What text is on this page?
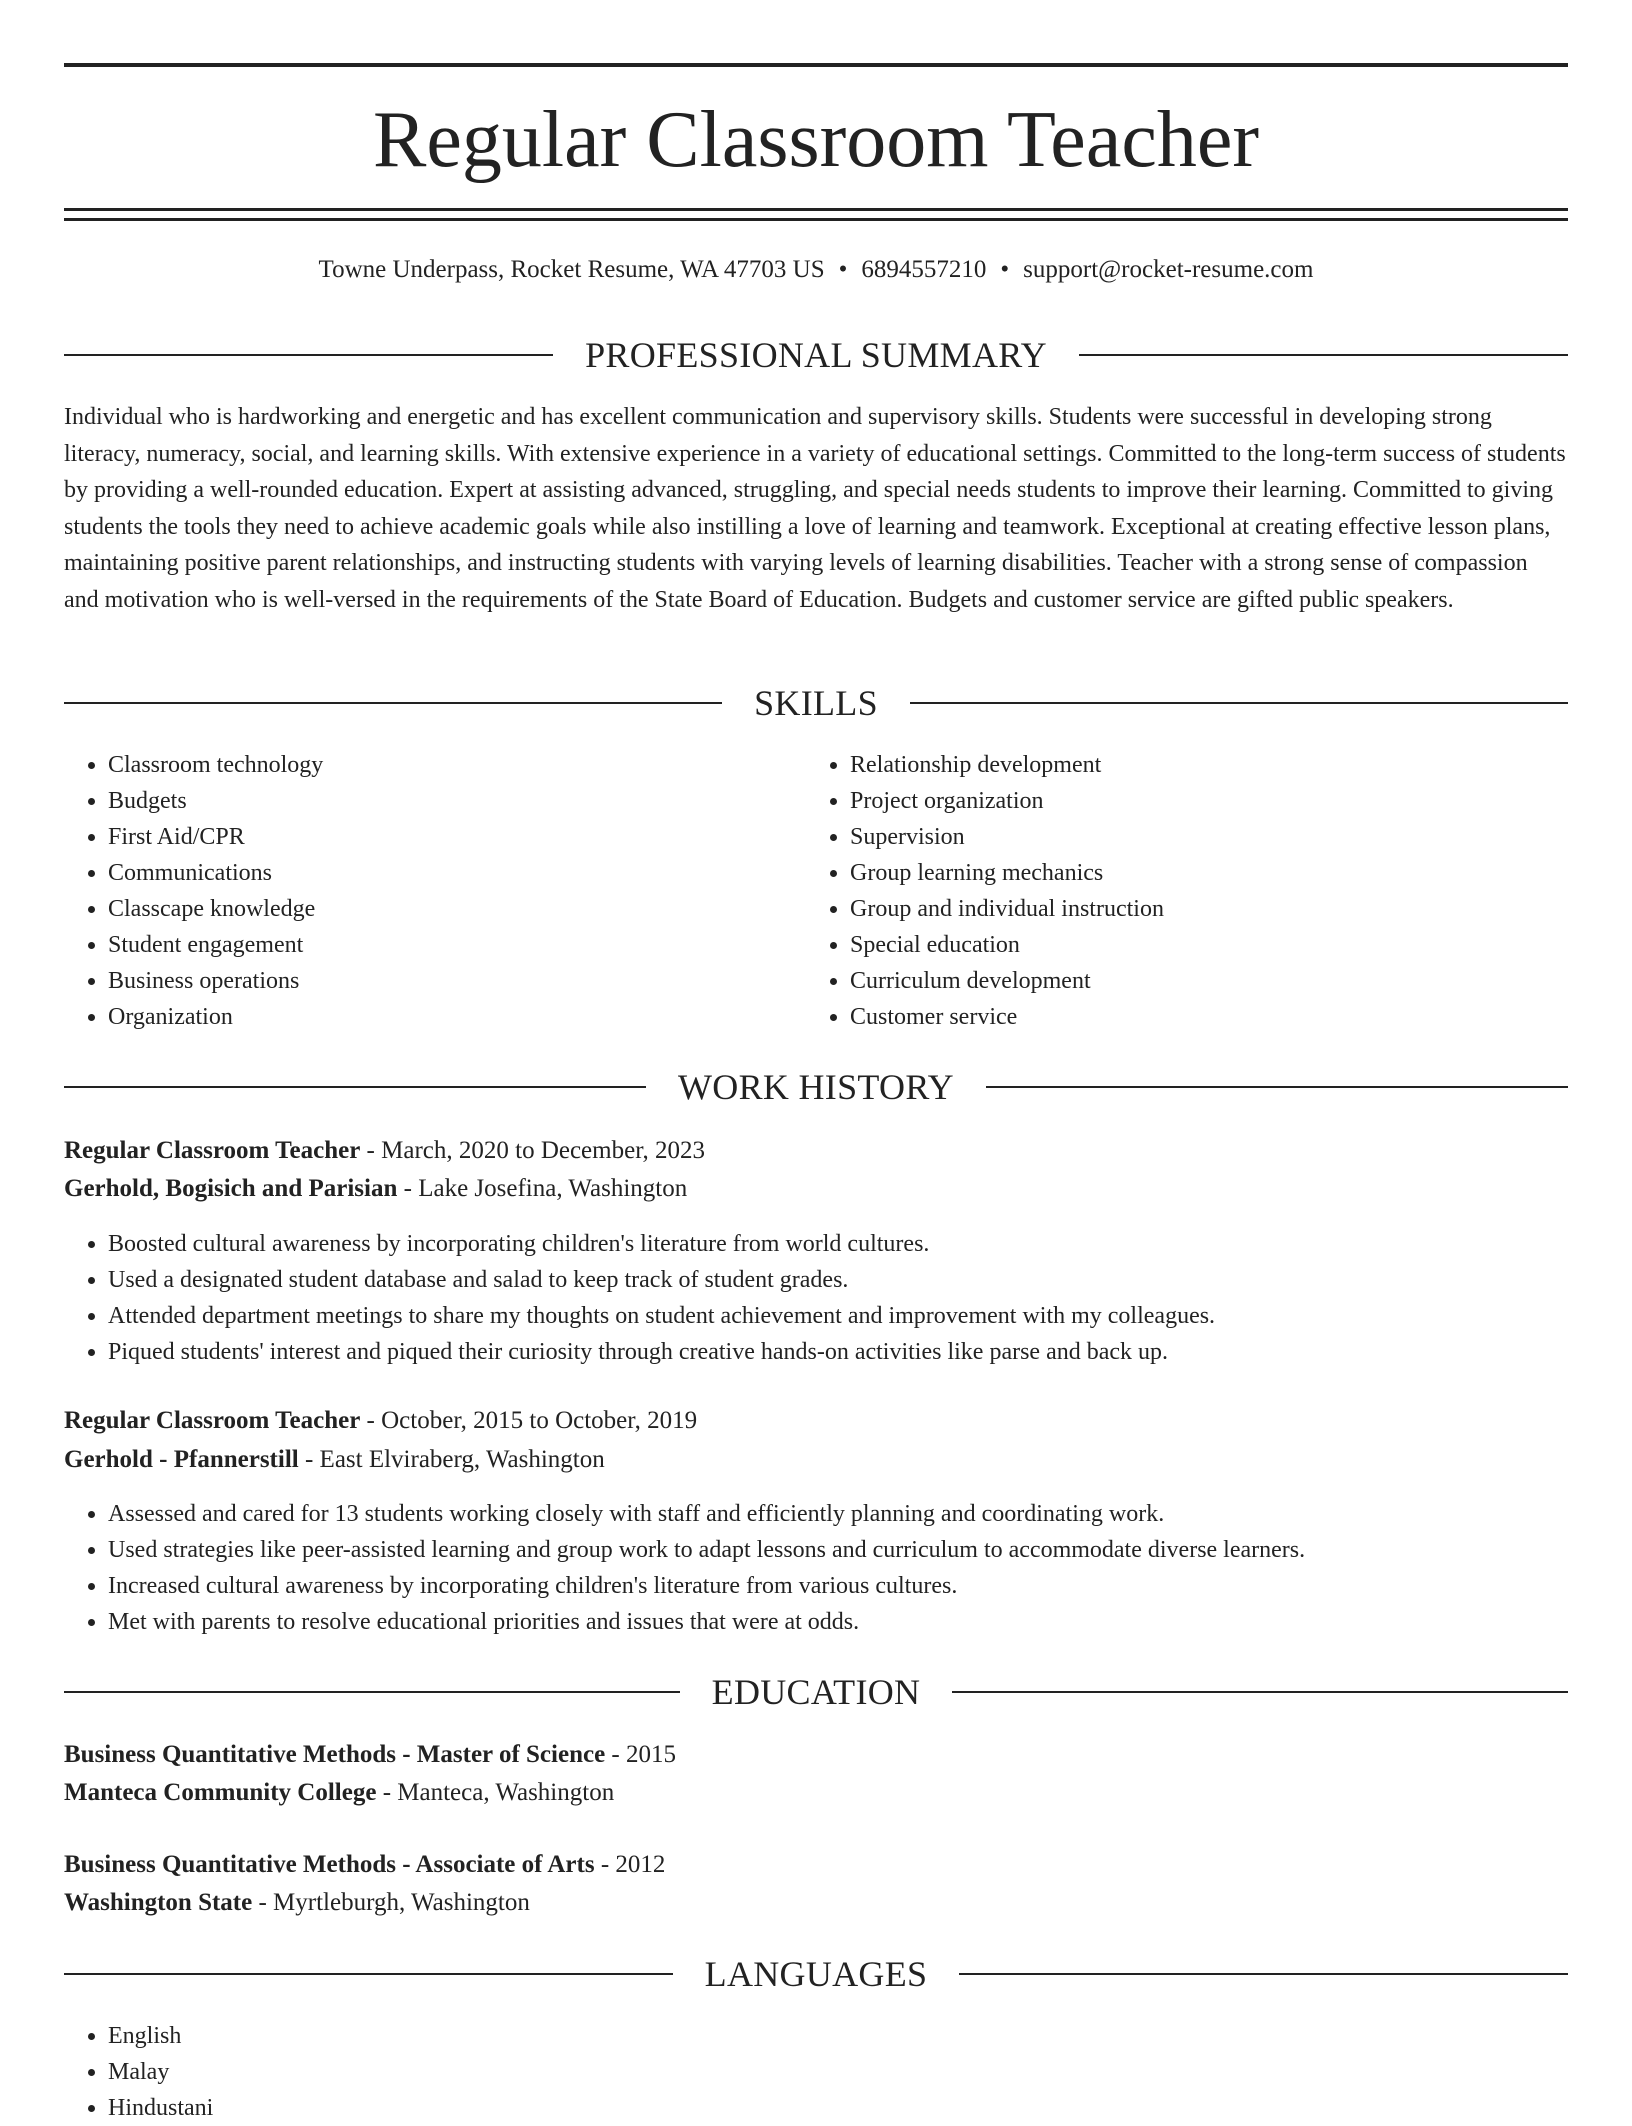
Regular Classroom Teacher
Towne Underpass, Rocket Resume, WA 47703 US • 6894557210 • support@rocket-resume.com
PROFESSIONAL SUMMARY

Individual who is hardworking and energetic and has excellent communication and supervisory skills. Students were successful in developing strong literacy, numeracy, social, and learning skills. With extensive experience in a variety of educational settings. Committed to the long-term success of students by providing a well-rounded education. Expert at assisting advanced, struggling, and special needs students to improve their learning. Committed to giving students the tools they need to achieve academic goals while also instilling a love of learning and teamwork. Exceptional at creating effective lesson plans, maintaining positive parent relationships, and instructing students with varying levels of learning disabilities. Teacher with a strong sense of compassion and motivation who is well-versed in the requirements of the State Board of Education. Budgets and customer service are gifted public speakers.

SKILLS
• Classroom technology
• Budgets
• First Aid/CPR
• Communications
• Classcape knowledge
• Student engagement
• Business operations
• Organization
• Relationship development
• Project organization
• Supervision
• Group learning mechanics
• Group and individual instruction
• Special education
• Curriculum development
• Customer service
WORK HISTORY
Regular Classroom Teacher - March, 2020 to December, 2023
Gerhold, Bogisich and Parisian - Lake Josefina, Washington
• Boosted cultural awareness by incorporating children's literature from world cultures.
• Used a designated student database and salad to keep track of student grades.
• Attended department meetings to share my thoughts on student achievement and improvement with my colleagues.
• Piqued students' interest and piqued their curiosity through creative hands-on activities like parse and back up.
Regular Classroom Teacher - October, 2015 to October, 2019
Gerhold - Pfannerstill - East Elviraberg, Washington
• Assessed and cared for 13 students working closely with staff and efficiently planning and coordinating work.
• Used strategies like peer-assisted learning and group work to adapt lessons and curriculum to accommodate diverse learners.
• Increased cultural awareness by incorporating children's literature from various cultures.
• Met with parents to resolve educational priorities and issues that were at odds.
EDUCATION
Business Quantitative Methods - Master of Science - 2015
Manteca Community College - Manteca, Washington
Business Quantitative Methods - Associate of Arts - 2012
Washington State - Myrtleburgh, Washington
LANGUAGES
• English
• Malay
• Hindustani
